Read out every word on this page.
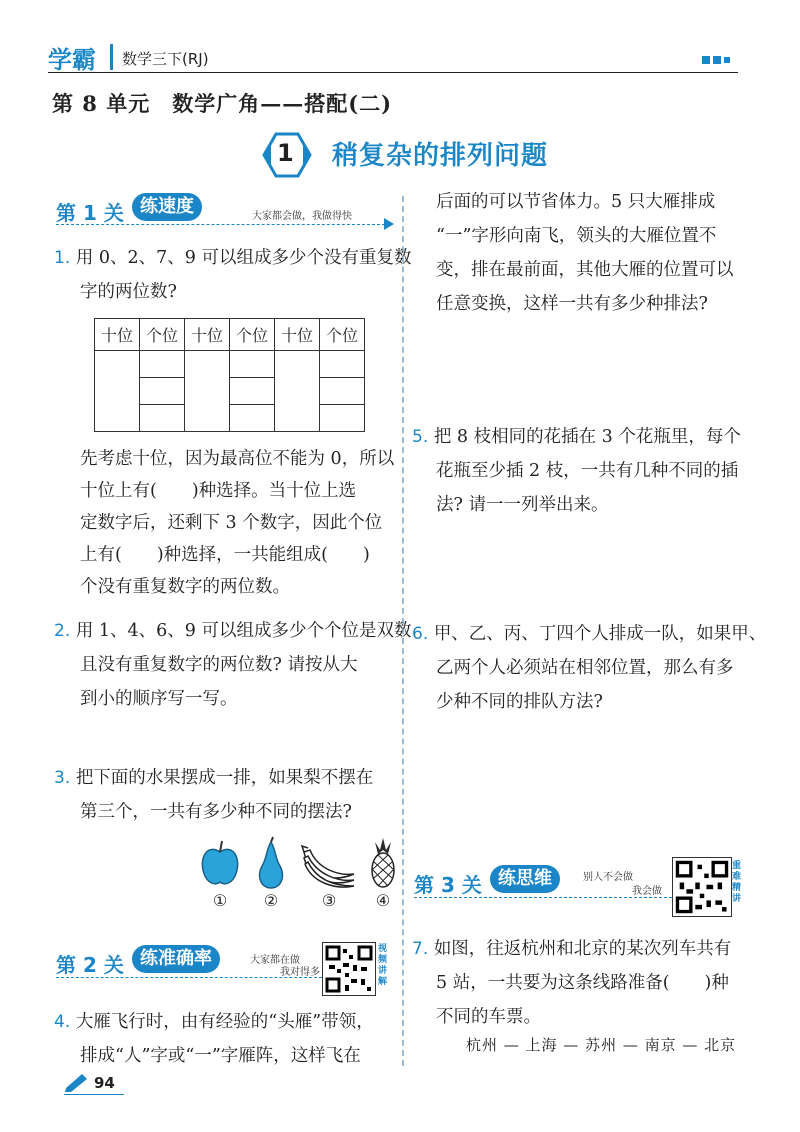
学霸 数学三下(RJ)
第 8 单元　数学广角——搭配(二)
1 稍复杂的排列问题
第 1 关 练速度	大家都会做，我做得快
1. 用 0、2、7、9 可以组成多少个没有重复数
字的两位数?
十位	个位	十位	个位	十位	个位

先考虑十位，因为最高位不能为 0，所以
十位上有(　　)种选择。当十位上选
定数字后，还剩下 3 个数字，因此个位
上有(　　)种选择，一共能组成(　　)
个没有重复数字的两位数。
2. 用 1、4、6、9 可以组成多少个个位是双数
且没有重复数字的两位数? 请按从大
到小的顺序写一写。
3. 把下面的水果摆成一排，如果梨不摆在
第三个，一共有多少种不同的摆法?
①	②	③	④
第 2 关 练准确率	大家都在做
我对得多
视频讲解
4. 大雁飞行时，由有经验的“头雁”带领，
排成“人”字或“一”字雁阵，这样飞在
94
后面的可以节省体力。5 只大雁排成
“一”字形向南飞，领头的大雁位置不
变，排在最前面，其他大雁的位置可以
任意变换，这样一共有多少种排法?
5. 把 8 枝相同的花插在 3 个花瓶里，每个
花瓶至少插 2 枝，一共有几种不同的插
法? 请一一列举出来。
6. 甲、乙、丙、丁四个人排成一队，如果甲、
乙两个人必须站在相邻位置，那么有多
少种不同的排队方法?
第 3 关 练思维	别人不会做
我会做
重难精讲
7. 如图，往返杭州和北京的某次列车共有
5 站，一共要为这条线路准备(　　)种
不同的车票。
杭州 — 上海 — 苏州 — 南京 — 北京
